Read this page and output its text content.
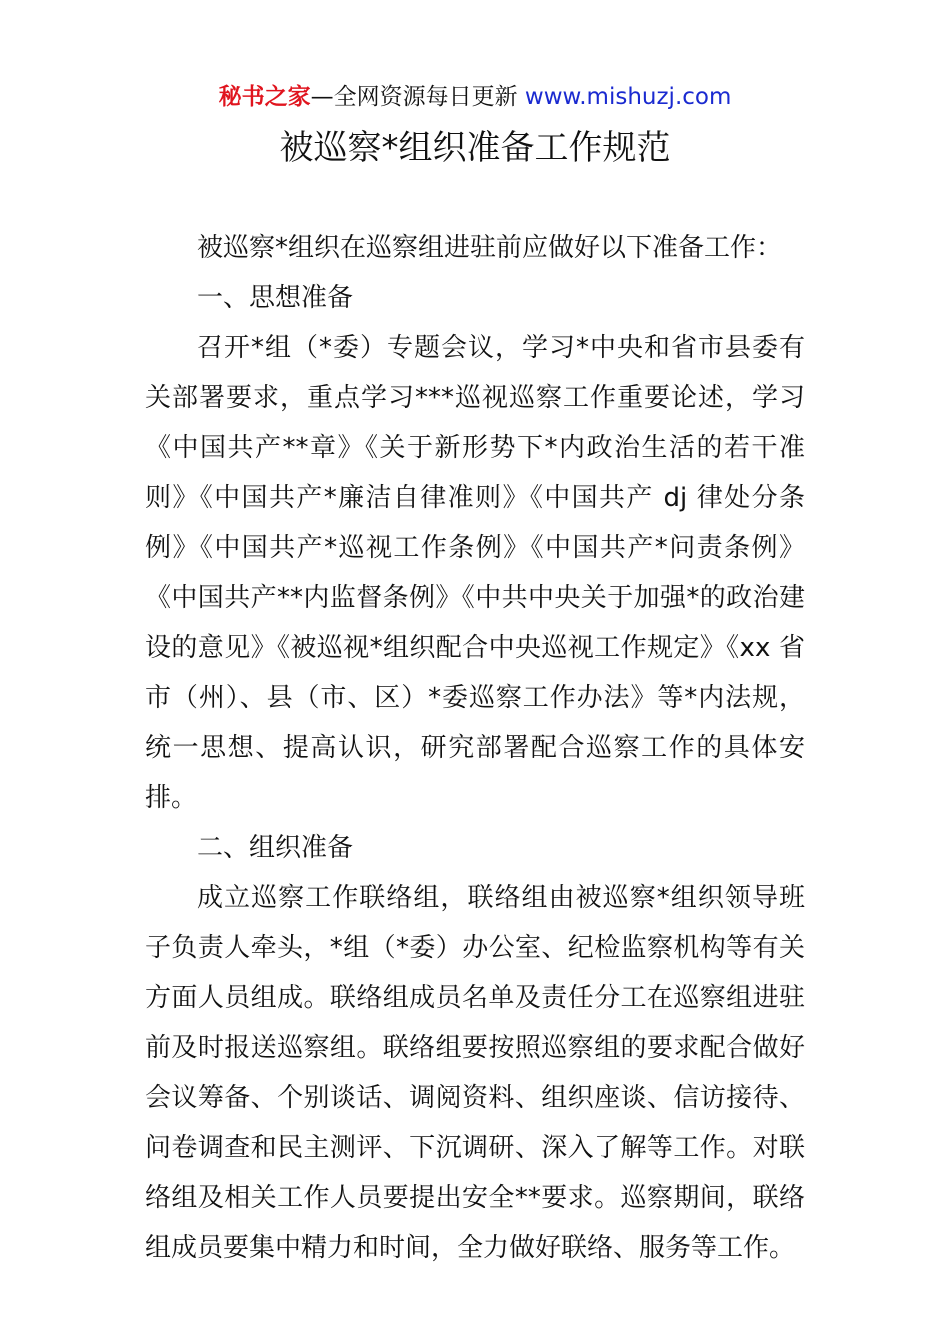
秘书之家—全网资源每日更新 www.mishuzj.com
被巡察*组织准备工作规范

被巡察*组织在巡察组进驻前应做好以下准备工作：

一、思想准备

召开*组（*委）专题会议，学习*中央和省市县委有关部署要求，重点学习***巡视巡察工作重要论述，学习《中国共产**章》《关于新形势下*内政治生活的若干准则》《中国共产*廉洁自律准则》《中国共产 dj 律处分条例》《中国共产*巡视工作条例》《中国共产*问责条例》《中国共产**内监督条例》《中共中央关于加强*的政治建设的意见》《被巡视*组织配合中央巡视工作规定》《xx 省市（州）、县（市、区）*委巡察工作办法》等*内法规，统一思想、提高认识，研究部署配合巡察工作的具体安排。

二、组织准备

成立巡察工作联络组，联络组由被巡察*组织领导班子负责人牵头，*组（*委）办公室、纪检监察机构等有关方面人员组成。联络组成员名单及责任分工在巡察组进驻前及时报送巡察组。联络组要按照巡察组的要求配合做好会议筹备、个别谈话、调阅资料、组织座谈、信访接待、问卷调查和民主测评、下沉调研、深入了解等工作。对联络组及相关工作人员要提出安全**要求。巡察期间，联络组成员要集中精力和时间，全力做好联络、服务等工作。
